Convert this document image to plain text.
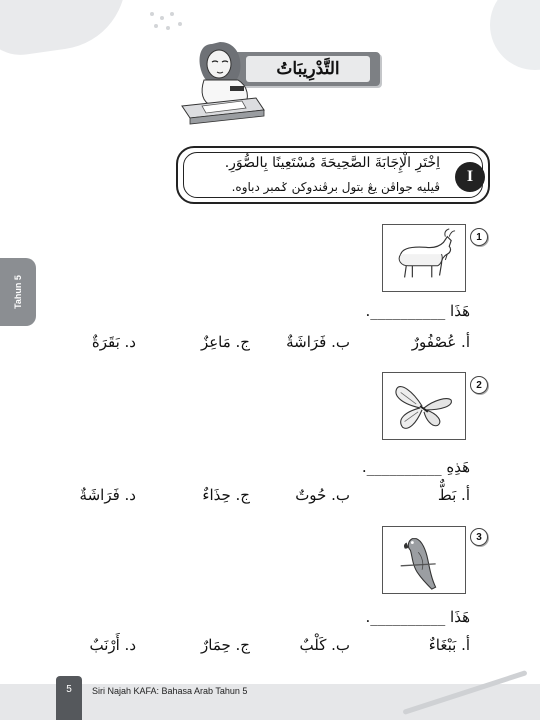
Tahun 5
التَّدْرِيبَاتُ
اِخْتَرِ الْإِجَابَةَ الصَّحِيحَةَ مُسْتَعِينًا بِالصُّوَرِ.
ڤيليه جواڤن يڠ بتول برڤندوكن ݢمبر دباوه.
I
1
هَذَا __________.
أ. عُصْفُورٌ
ب. فَرَاشَةٌ
ج. مَاعِزٌ
د. بَقَرَةٌ
2
هَذِهِ __________.
أ. بَطٌّ
ب. حُوتٌ
ج. حِذَاءٌ
د. فَرَاشَةٌ
3
هَذَا __________.
أ. بَبْغَاءٌ
ب. كَلْبٌ
ج. حِمَارٌ
د. أَرْنَبٌ
5	Siri Najah KAFA: Bahasa Arab Tahun 5
